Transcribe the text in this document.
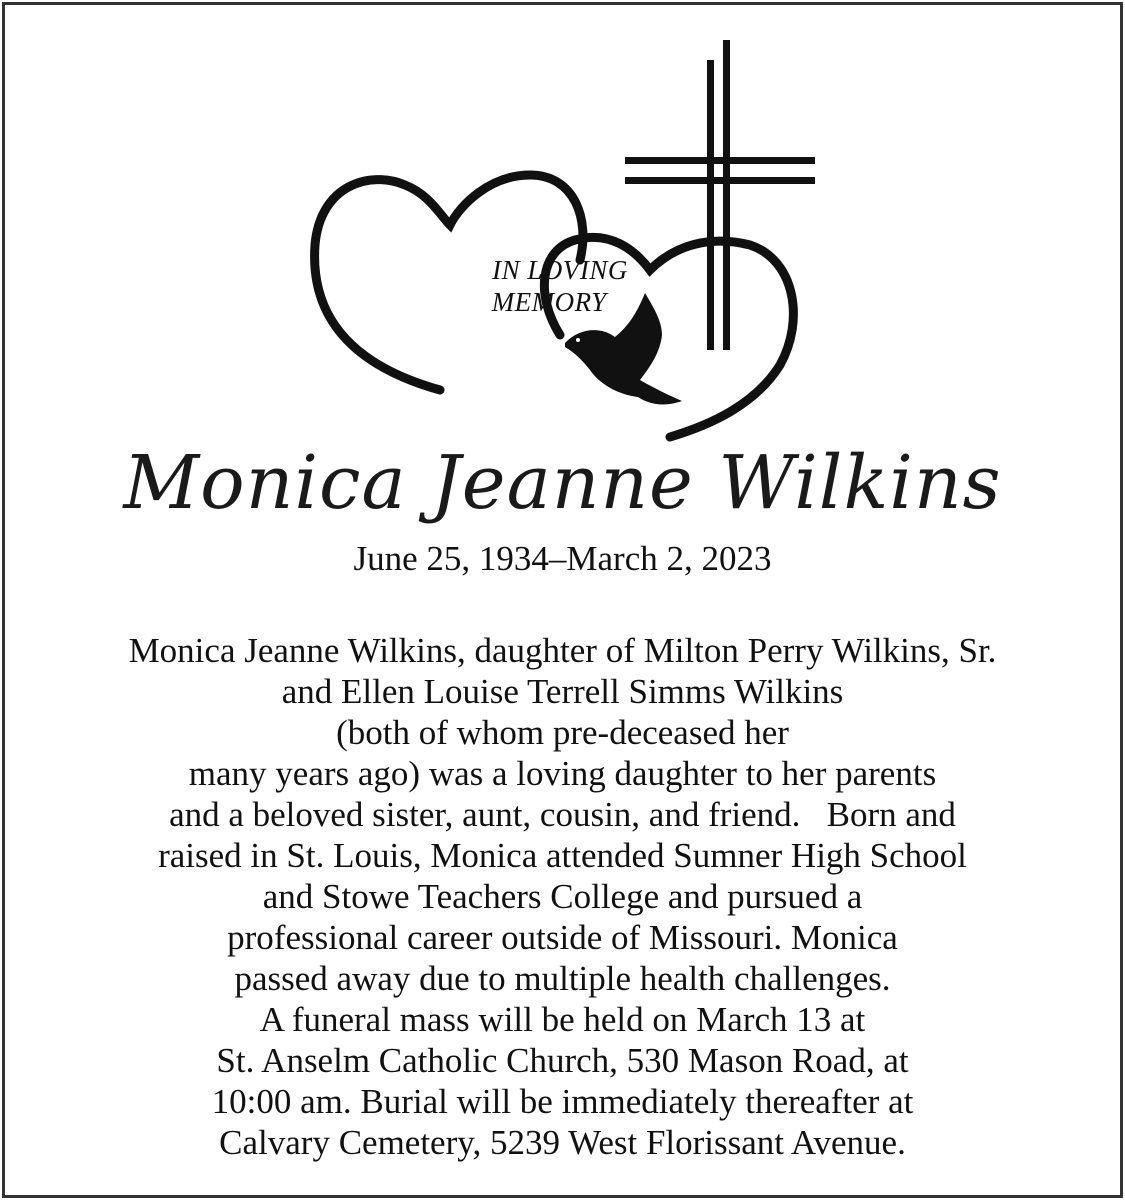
IN LOVING
MEMORY
Monica Jeanne Wilkins
June 25, 1934–March 2, 2023
Monica Jeanne Wilkins, daughter of Milton Perry Wilkins, Sr.
and Ellen Louise Terrell Simms Wilkins
(both of whom pre-deceased her
many years ago) was a loving daughter to her parents
and a beloved sister, aunt, cousin, and friend.   Born and
raised in St. Louis, Monica attended Sumner High School
and Stowe Teachers College and pursued a
professional career outside of Missouri. Monica
passed away due to multiple health challenges.
A funeral mass will be held on March 13 at
St. Anselm Catholic Church, 530 Mason Road, at
10:00 am. Burial will be immediately thereafter at
Calvary Cemetery, 5239 West Florissant Avenue.
